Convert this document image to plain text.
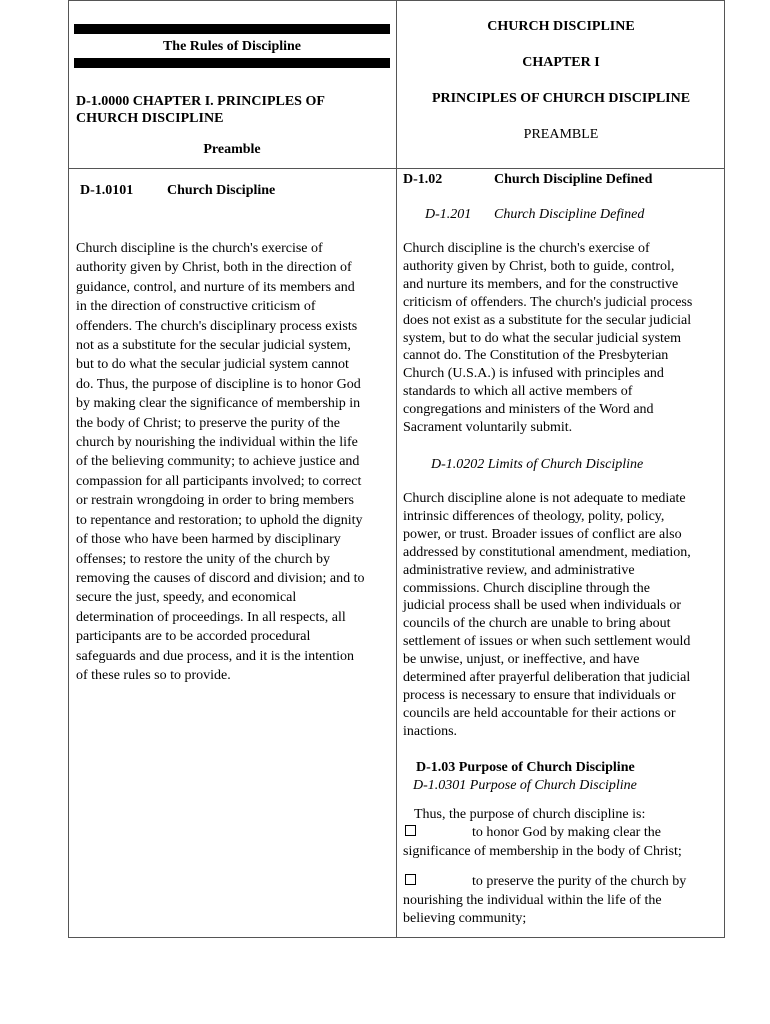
The Rules of Discipline
D-1.0000 CHAPTER I. PRINCIPLES OF
CHURCH DISCIPLINE
Preamble
CHURCH DISCIPLINE
CHAPTER I
PRINCIPLES OF CHURCH DISCIPLINE
PREAMBLE
D-1.0101 Church Discipline
Church discipline is the church's exercise of
authority given by Christ, both in the direction of
guidance, control, and nurture of its members and
in the direction of constructive criticism of
offenders. The church's disciplinary process exists
not as a substitute for the secular judicial system,
but to do what the secular judicial system cannot
do. Thus, the purpose of discipline is to honor God
by making clear the significance of membership in
the body of Christ; to preserve the purity of the
church by nourishing the individual within the life
of the believing community; to achieve justice and
compassion for all participants involved; to correct
or restrain wrongdoing in order to bring members
to repentance and restoration; to uphold the dignity
of those who have been harmed by disciplinary
offenses; to restore the unity of the church by
removing the causes of discord and division; and to
secure the just, speedy, and economical
determination of proceedings. In all respects, all
participants are to be accorded procedural
safeguards and due process, and it is the intention
of these rules so to provide.
D-1.02	Church Discipline Defined
D-1.201 Church Discipline Defined
Church discipline is the church's exercise of
authority given by Christ, both to guide, control,
and nurture its members, and for the constructive
criticism of offenders. The church's judicial process
does not exist as a substitute for the secular judicial
system, but to do what the secular judicial system
cannot do. The Constitution of the Presbyterian
Church (U.S.A.) is infused with principles and
standards to which all active members of
congregations and ministers of the Word and
Sacrament voluntarily submit.
D-1.0202 Limits of Church Discipline
Church discipline alone is not adequate to mediate
intrinsic differences of theology, polity, policy,
power, or trust. Broader issues of conflict are also
addressed by constitutional amendment, mediation,
administrative review, and administrative
commissions. Church discipline through the
judicial process shall be used when individuals or
councils of the church are unable to bring about
settlement of issues or when such settlement would
be unwise, unjust, or ineffective, and have
determined after prayerful deliberation that judicial
process is necessary to ensure that individuals or
councils are held accountable for their actions or
inactions.
D-1.03 Purpose of Church Discipline
D-1.0301 Purpose of Church Discipline
Thus, the purpose of church discipline is:
to honor God by making clear the
significance of membership in the body of Christ;
to preserve the purity of the church by
nourishing the individual within the life of the
believing community;
